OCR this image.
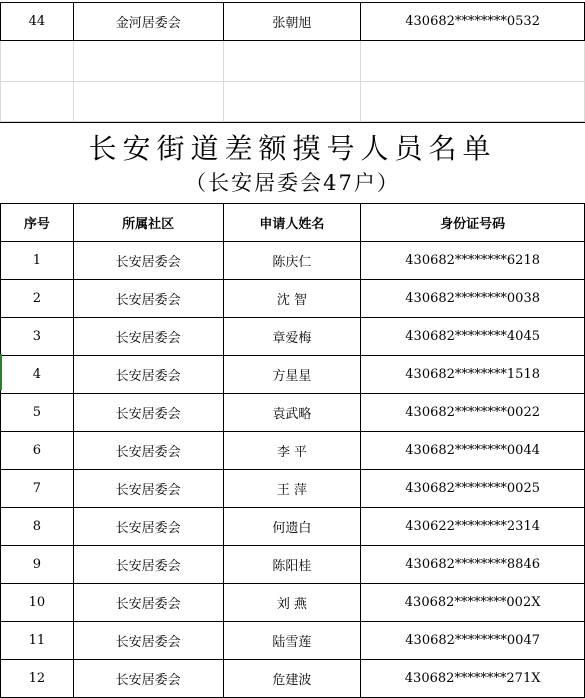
44	金河居委会	张朝旭	430682********0532

长安街道差额摸号人员名单
（长安居委会47户）
序号	所属社区	申请人姓名	身份证号码
1	长安居委会	陈庆仁	430682********6218
2	长安居委会	沈 智	430682********0038
3	长安居委会	章爱梅	430682********4045
4	长安居委会	方星星	430682********1518
5	长安居委会	袁武略	430682********0022
6	长安居委会	李 平	430682********0044
7	长安居委会	王 萍	430682********0025
8	长安居委会	何遗白	430622********2314
9	长安居委会	陈阳桂	430682********8846
10	长安居委会	刘 燕	430682********002X
11	长安居委会	陆雪莲	430682********0047
12	长安居委会	危建波	430682********271X
